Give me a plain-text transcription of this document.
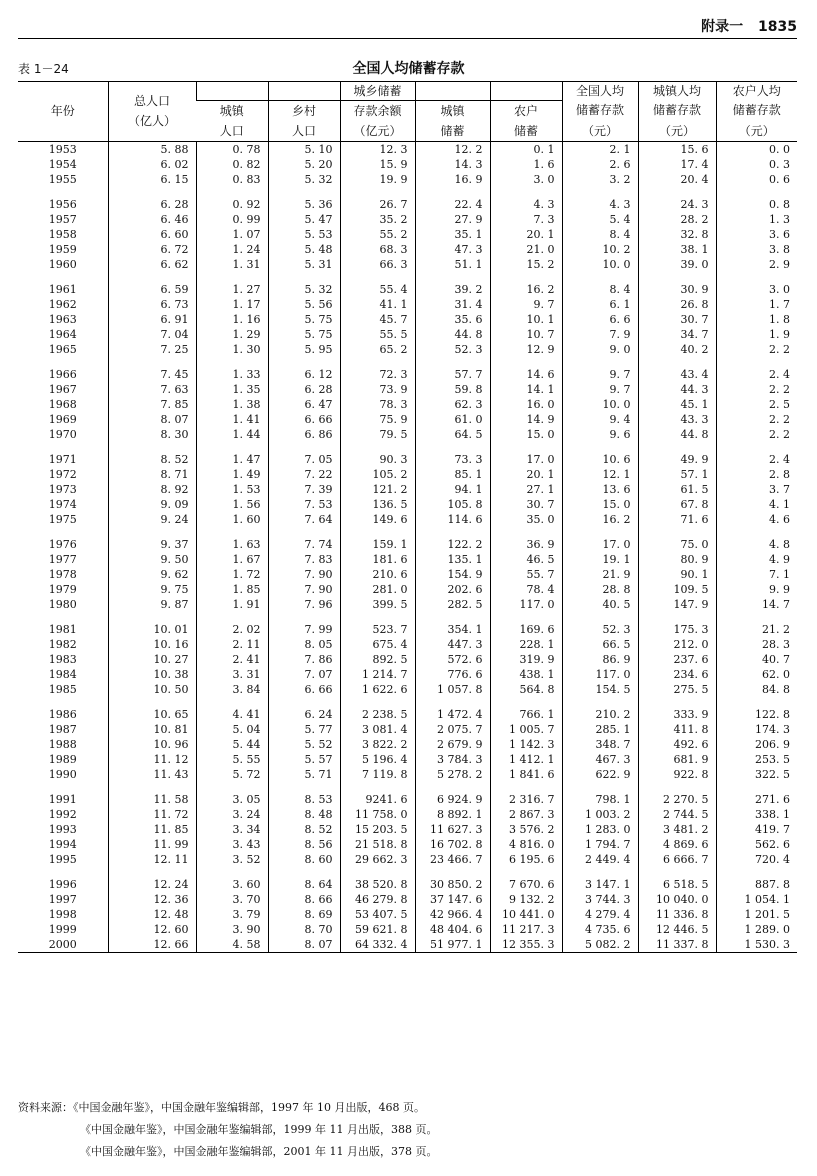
附录一 1835
表 1－24	全国人均储蓄存款
年份	总人口
（亿人）			城乡储蓄			全国人均	城镇人均	农户人均
		城镇	乡村	存款余额	城镇	农户	储蓄存款	储蓄存款	储蓄存款
		人口	人口	（亿元）	储蓄	储蓄	（元）	（元）	（元）
1953	5. 88	0. 78	5. 10	12. 3	12. 2	0. 1	2. 1	15. 6	0. 0
1954	6. 02	0. 82	5. 20	15. 9	14. 3	1. 6	2. 6	17. 4	0. 3
1955	6. 15	0. 83	5. 32	19. 9	16. 9	3. 0	3. 2	20. 4	0. 6

1956	6. 28	0. 92	5. 36	26. 7	22. 4	4. 3	4. 3	24. 3	0. 8
1957	6. 46	0. 99	5. 47	35. 2	27. 9	7. 3	5. 4	28. 2	1. 3
1958	6. 60	1. 07	5. 53	55. 2	35. 1	20. 1	8. 4	32. 8	3. 6
1959	6. 72	1. 24	5. 48	68. 3	47. 3	21. 0	10. 2	38. 1	3. 8
1960	6. 62	1. 31	5. 31	66. 3	51. 1	15. 2	10. 0	39. 0	2. 9

1961	6. 59	1. 27	5. 32	55. 4	39. 2	16. 2	8. 4	30. 9	3. 0
1962	6. 73	1. 17	5. 56	41. 1	31. 4	9. 7	6. 1	26. 8	1. 7
1963	6. 91	1. 16	5. 75	45. 7	35. 6	10. 1	6. 6	30. 7	1. 8
1964	7. 04	1. 29	5. 75	55. 5	44. 8	10. 7	7. 9	34. 7	1. 9
1965	7. 25	1. 30	5. 95	65. 2	52. 3	12. 9	9. 0	40. 2	2. 2

1966	7. 45	1. 33	6. 12	72. 3	57. 7	14. 6	9. 7	43. 4	2. 4
1967	7. 63	1. 35	6. 28	73. 9	59. 8	14. 1	9. 7	44. 3	2. 2
1968	7. 85	1. 38	6. 47	78. 3	62. 3	16. 0	10. 0	45. 1	2. 5
1969	8. 07	1. 41	6. 66	75. 9	61. 0	14. 9	9. 4	43. 3	2. 2
1970	8. 30	1. 44	6. 86	79. 5	64. 5	15. 0	9. 6	44. 8	2. 2

1971	8. 52	1. 47	7. 05	90. 3	73. 3	17. 0	10. 6	49. 9	2. 4
1972	8. 71	1. 49	7. 22	105. 2	85. 1	20. 1	12. 1	57. 1	2. 8
1973	8. 92	1. 53	7. 39	121. 2	94. 1	27. 1	13. 6	61. 5	3. 7
1974	9. 09	1. 56	7. 53	136. 5	105. 8	30. 7	15. 0	67. 8	4. 1
1975	9. 24	1. 60	7. 64	149. 6	114. 6	35. 0	16. 2	71. 6	4. 6

1976	9. 37	1. 63	7. 74	159. 1	122. 2	36. 9	17. 0	75. 0	4. 8
1977	9. 50	1. 67	7. 83	181. 6	135. 1	46. 5	19. 1	80. 9	4. 9
1978	9. 62	1. 72	7. 90	210. 6	154. 9	55. 7	21. 9	90. 1	7. 1
1979	9. 75	1. 85	7. 90	281. 0	202. 6	78. 4	28. 8	109. 5	9. 9
1980	9. 87	1. 91	7. 96	399. 5	282. 5	117. 0	40. 5	147. 9	14. 7

1981	10. 01	2. 02	7. 99	523. 7	354. 1	169. 6	52. 3	175. 3	21. 2
1982	10. 16	2. 11	8. 05	675. 4	447. 3	228. 1	66. 5	212. 0	28. 3
1983	10. 27	2. 41	7. 86	892. 5	572. 6	319. 9	86. 9	237. 6	40. 7
1984	10. 38	3. 31	7. 07	1 214. 7	776. 6	438. 1	117. 0	234. 6	62. 0
1985	10. 50	3. 84	6. 66	1 622. 6	1 057. 8	564. 8	154. 5	275. 5	84. 8

1986	10. 65	4. 41	6. 24	2 238. 5	1 472. 4	766. 1	210. 2	333. 9	122. 8
1987	10. 81	5. 04	5. 77	3 081. 4	2 075. 7	1 005. 7	285. 1	411. 8	174. 3
1988	10. 96	5. 44	5. 52	3 822. 2	2 679. 9	1 142. 3	348. 7	492. 6	206. 9
1989	11. 12	5. 55	5. 57	5 196. 4	3 784. 3	1 412. 1	467. 3	681. 9	253. 5
1990	11. 43	5. 72	5. 71	7 119. 8	5 278. 2	1 841. 6	622. 9	922. 8	322. 5

1991	11. 58	3. 05	8. 53	9241. 6	6 924. 9	2 316. 7	798. 1	2 270. 5	271. 6
1992	11. 72	3. 24	8. 48	11 758. 0	8 892. 1	2 867. 3	1 003. 2	2 744. 5	338. 1
1993	11. 85	3. 34	8. 52	15 203. 5	11 627. 3	3 576. 2	1 283. 0	3 481. 2	419. 7
1994	11. 99	3. 43	8. 56	21 518. 8	16 702. 8	4 816. 0	1 794. 7	4 869. 6	562. 6
1995	12. 11	3. 52	8. 60	29 662. 3	23 466. 7	6 195. 6	2 449. 4	6 666. 7	720. 4

1996	12. 24	3. 60	8. 64	38 520. 8	30 850. 2	7 670. 6	3 147. 1	6 518. 5	887. 8
1997	12. 36	3. 70	8. 66	46 279. 8	37 147. 6	9 132. 2	3 744. 3	10 040. 0	1 054. 1
1998	12. 48	3. 79	8. 69	53 407. 5	42 966. 4	10 441. 0	4 279. 4	11 336. 8	1 201. 5
1999	12. 60	3. 90	8. 70	59 621. 8	48 404. 6	11 217. 3	4 735. 6	12 446. 5	1 289. 0
2000	12. 66	4. 58	8. 07	64 332. 4	51 977. 1	12 355. 3	5 082. 2	11 337. 8	1 530. 3
资料来源：《中国金融年鉴》，中国金融年鉴编辑部，1997 年 10 月出版，468 页。
《中国金融年鉴》，中国金融年鉴编辑部，1999 年 11 月出版，388 页。
《中国金融年鉴》，中国金融年鉴编辑部，2001 年 11 月出版，378 页。
